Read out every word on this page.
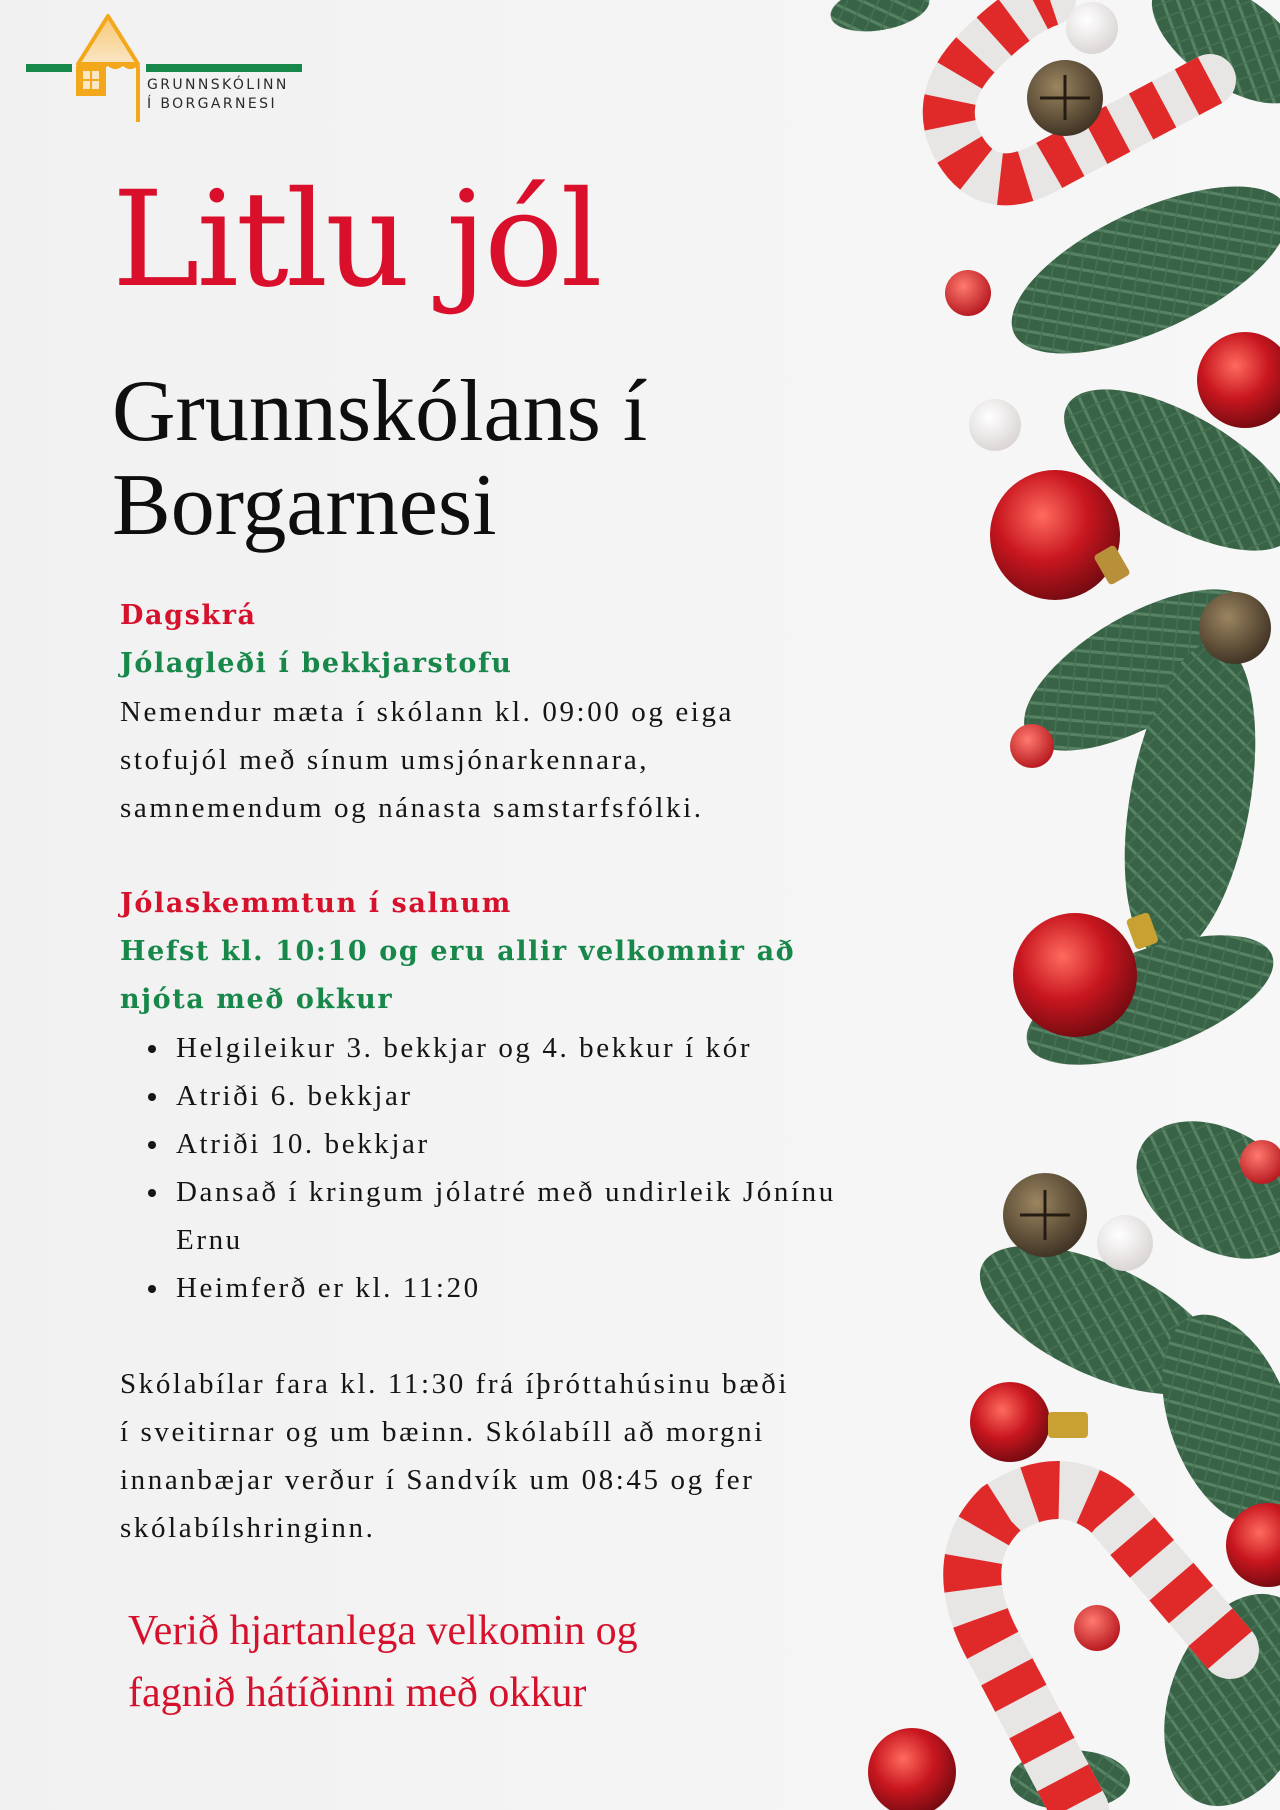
GRUNNSKÓLINN
Í BORGARNESI
Litlu jól
Grunnskólans í
Borgarnesi
Dagskrá
Jólagleði í bekkjarstofu
Nemendur mæta í skólann kl. 09:00 og eiga
stofujól með sínum umsjónarkennara,
samnemendum og nánasta samstarfsfólki.
Jólaskemmtun í salnum
Hefst kl. 10:10 og eru allir velkomnir að
njóta með okkur
Helgileikur 3. bekkjar og 4. bekkur í kór
Atriði 6. bekkjar
Atriði 10. bekkjar
Dansað í kringum jólatré með undirleik Jónínu Ernu
Heimferð er kl. 11:20
Skólabílar fara kl. 11:30 frá íþróttahúsinu bæði
í sveitirnar og um bæinn. Skólabíll að morgni
innanbæjar verður í Sandvík um 08:45 og fer
skólabílshringinn.
Verið hjartanlega velkomin og
fagnið hátíðinni með okkur
